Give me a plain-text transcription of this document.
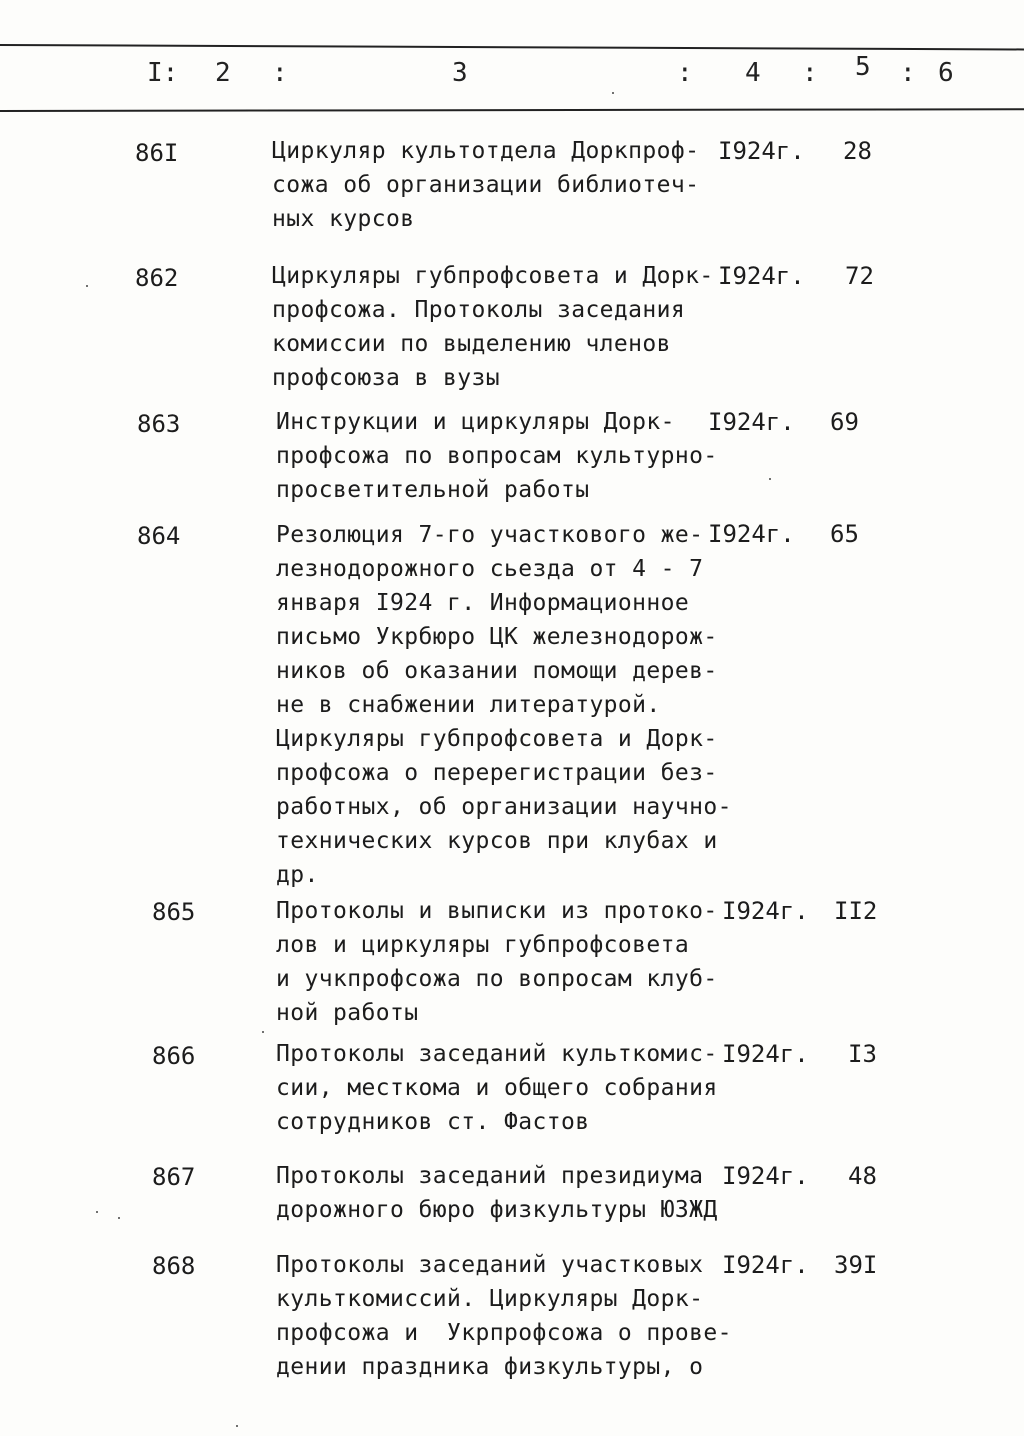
I: 2 :	3	: 4 : 5 : 6
86I	Циркуляр культотдела Доркпроф-
сожа об организации библиотеч-
ных курсов
I924г. 28
862	Циркуляры губпрофсовета и Дорк-
профсожа. Протоколы заседания
комиссии по выделению членов
профсоюза в вузы
I924г. 72
863	Инструкции и циркуляры Дорк-
профсожа по вопросам культурно-
просветительной работы
I924г. 69
864	Резолюция 7-го участкового же-
лезнодорожного сьезда от 4 - 7
января I924 г. Информационное
письмо Укрбюро ЦК железнодорож-
ников об оказании помощи дерев-
не в снабжении литературой.
Циркуляры губпрофсовета и Дорк-
профсожа о перерегистрации без-
работных, об организации научно-
технических курсов при клубах и
др.
I924г. 65
865	Протоколы и выписки из протоко-
лов и циркуляры губпрофсовета
и учкпрофсожа по вопросам клуб-
ной работы
I924г. II2
866	Протоколы заседаний культкомис-
сии, месткома и общего собрания
сотрудников ст. Фастов
I924г. I3
867	Протоколы заседаний президиума
дорожного бюро физкультуры ЮЗЖД
I924г. 48
868	Протоколы заседаний участковых
культкомиссий. Циркуляры Дорк-
профсожа и  Укрпрофсожа о прове-
дении праздника физкультуры, о
I924г. 39I
